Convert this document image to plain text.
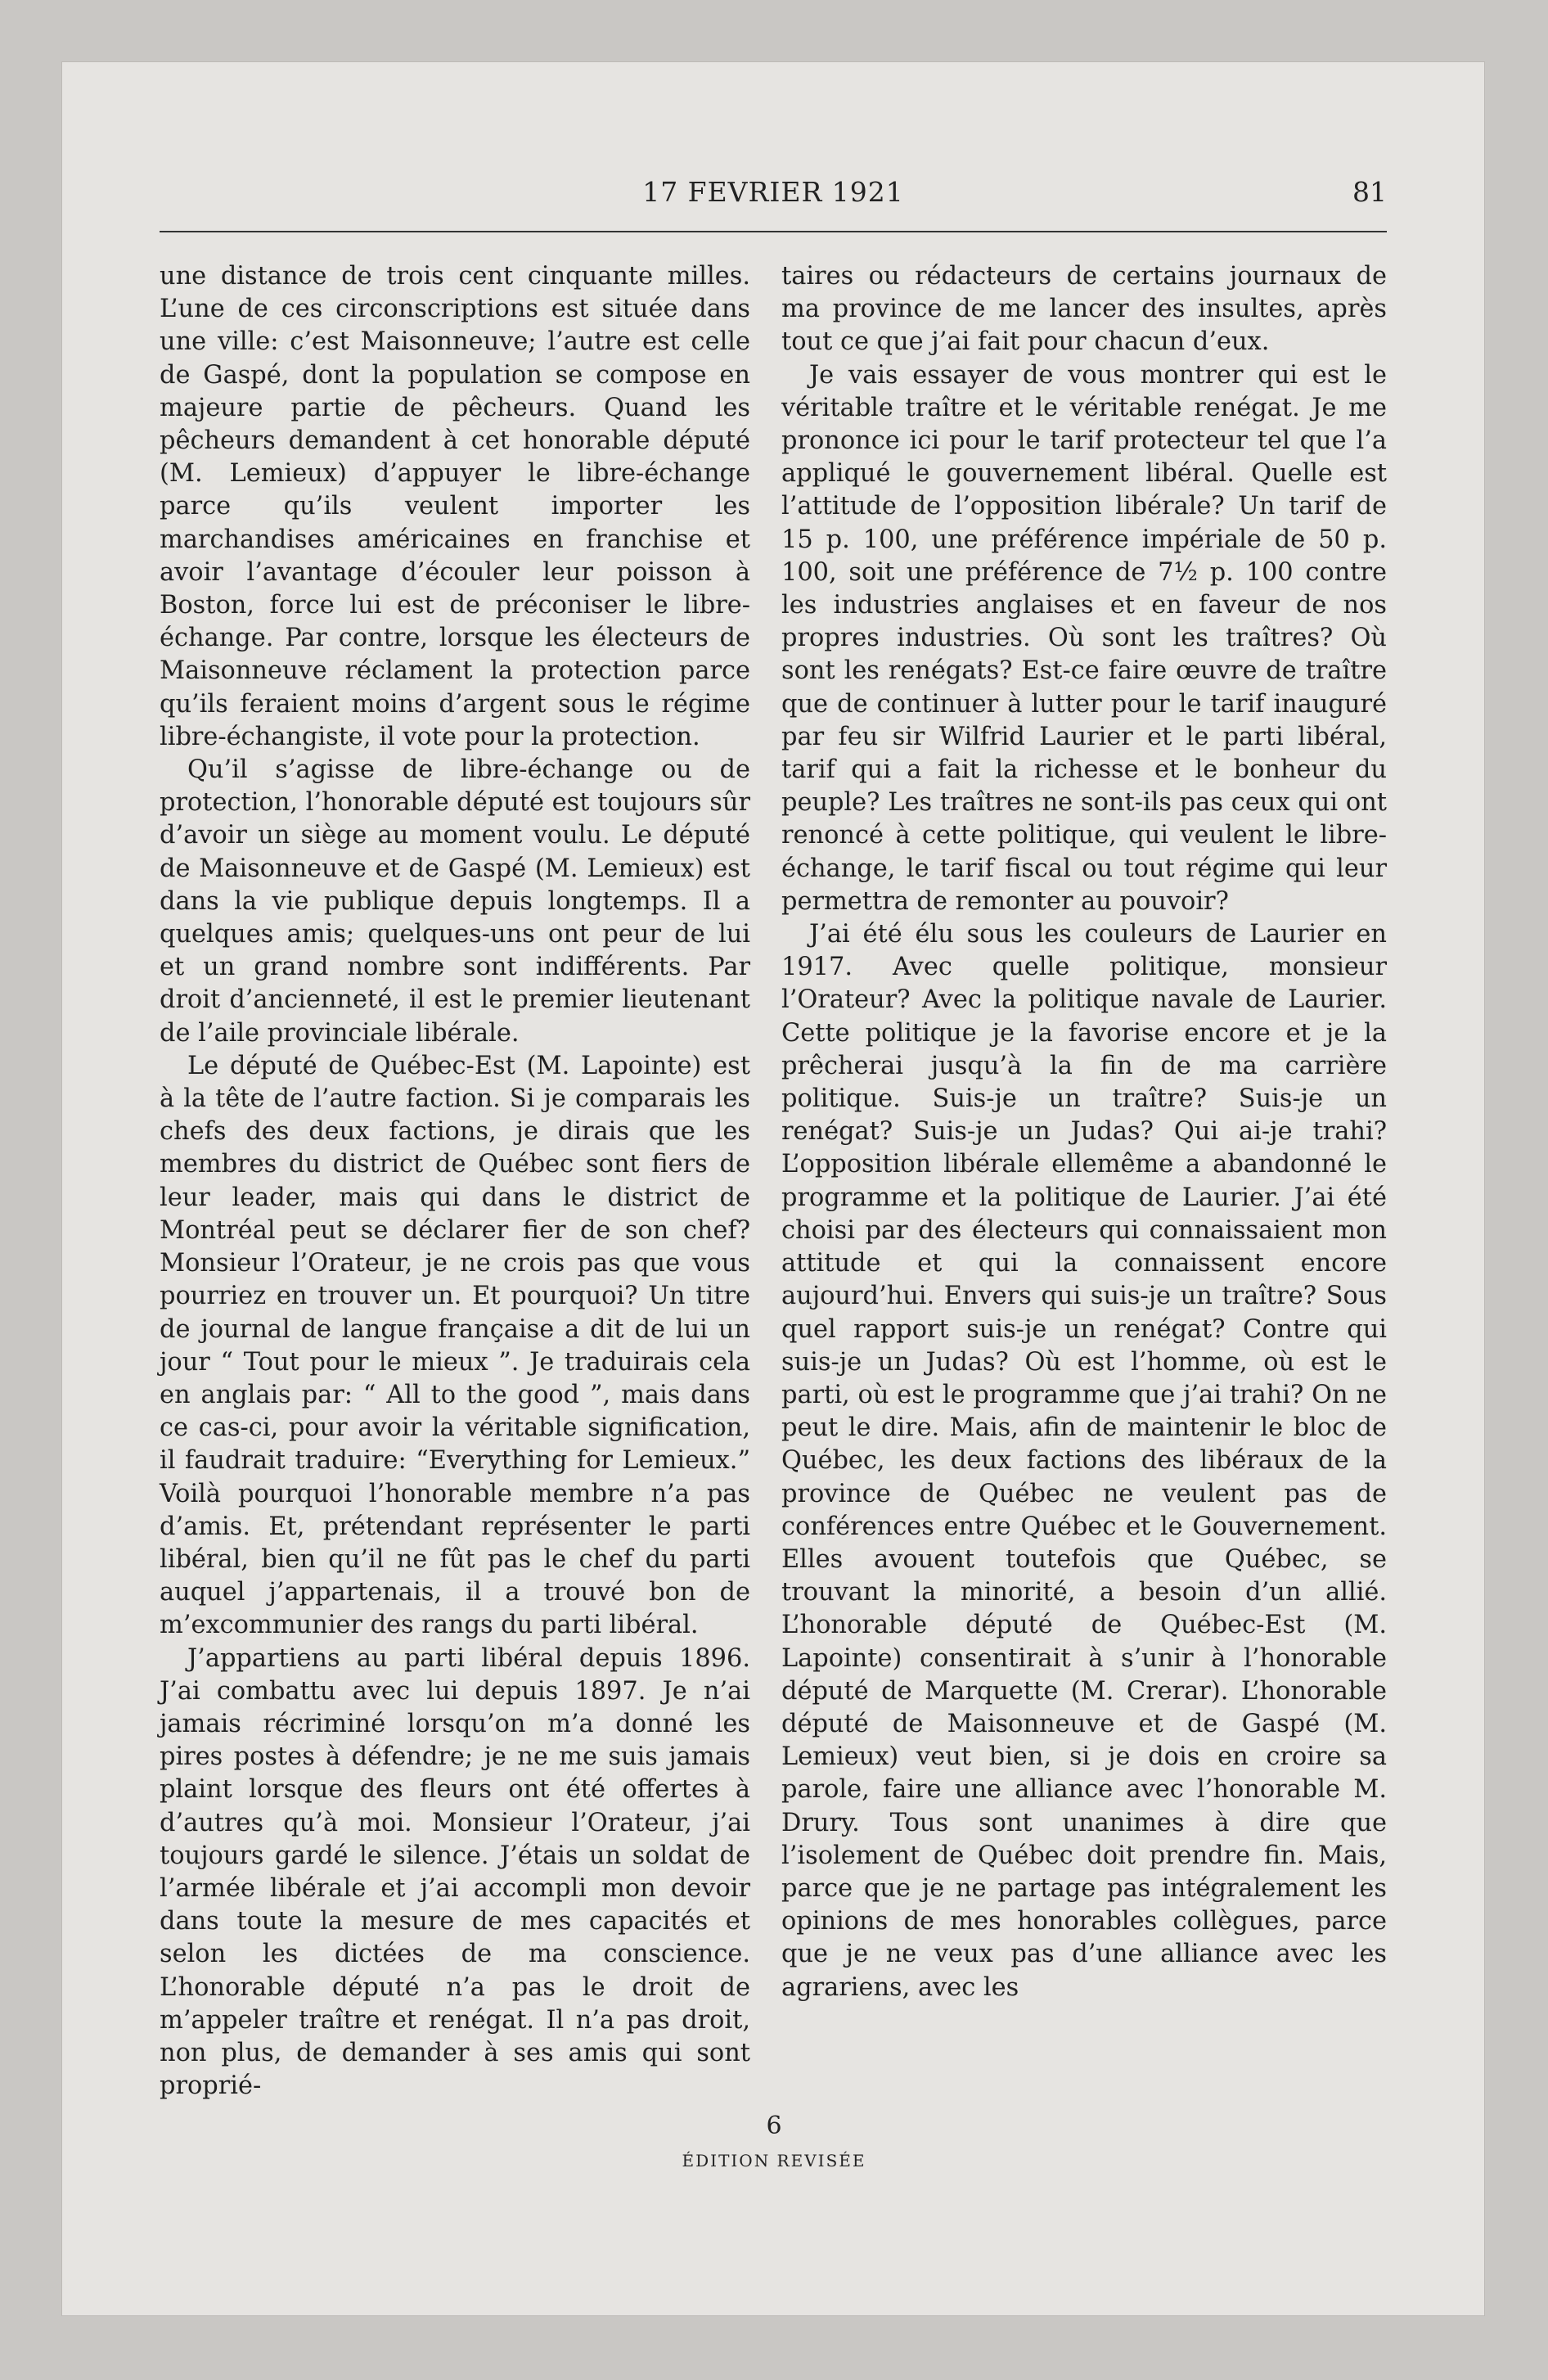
17 FEVRIER 1921	81

une distance de trois cent cinquante milles. L’une de ces circonscriptions est située dans une ville: c’est Maisonneuve; l’autre est celle de Gaspé, dont la population se compose en majeure partie de pêcheurs. Quand les pêcheurs demandent à cet honorable député (M. Lemieux) d’appuyer le libre-échange parce qu’ils veulent importer les marchandises américaines en franchise et avoir l’avantage d’écouler leur poisson à Boston, force lui est de préconiser le libre-échange. Par contre, lorsque les électeurs de Maisonneuve réclament la protection parce qu’ils feraient moins d’argent sous le régime libre-échangiste, il vote pour la protection.

Qu’il s’agisse de libre-échange ou de protection, l’honorable député est toujours sûr d’avoir un siège au moment voulu. Le député de Maisonneuve et de Gaspé (M. Lemieux) est dans la vie publique depuis longtemps. Il a quelques amis; quelques-uns ont peur de lui et un grand nombre sont indifférents. Par droit d’ancienneté, il est le premier lieutenant de l’aile provinciale libérale.

Le député de Québec-Est (M. Lapointe) est à la tête de l’autre faction. Si je comparais les chefs des deux factions, je dirais que les membres du district de Québec sont fiers de leur leader, mais qui dans le district de Montréal peut se déclarer fier de son chef? Monsieur l’Orateur, je ne crois pas que vous pourriez en trouver un. Et pourquoi? Un titre de journal de langue française a dit de lui un jour “ Tout pour le mieux ”. Je traduirais cela en anglais par: “ All to the good ”, mais dans ce cas-ci, pour avoir la véritable signification, il faudrait traduire: “Everything for Lemieux.” Voilà pourquoi l’honorable membre n’a pas d’amis. Et, prétendant représenter le parti libéral, bien qu’il ne fût pas le chef du parti auquel j’appartenais, il a trouvé bon de m’excommunier des rangs du parti libéral.

J’appartiens au parti libéral depuis 1896. J’ai combattu avec lui depuis 1897. Je n’ai jamais récriminé lorsqu’on m’a donné les pires postes à défendre; je ne me suis jamais plaint lorsque des fleurs ont été offertes à d’autres qu’à moi. Monsieur l’Orateur, j’ai toujours gardé le silence. J’étais un soldat de l’armée libérale et j’ai accompli mon devoir dans toute la mesure de mes capacités et selon les dictées de ma conscience. L’honorable député n’a pas le droit de m’appeler traître et renégat. Il n’a pas droit, non plus, de demander à ses amis qui sont proprié-

taires ou rédacteurs de certains journaux de ma province de me lancer des insultes, après tout ce que j’ai fait pour chacun d’eux.

Je vais essayer de vous montrer qui est le véritable traître et le véritable renégat. Je me prononce ici pour le tarif protecteur tel que l’a appliqué le gouvernement libéral. Quelle est l’attitude de l’opposition libérale? Un tarif de 15 p. 100, une préférence impériale de 50 p. 100, soit une préférence de 7½ p. 100 contre les industries anglaises et en faveur de nos propres industries. Où sont les traîtres? Où sont les renégats? Est-ce faire œuvre de traître que de continuer à lutter pour le tarif inauguré par feu sir Wilfrid Laurier et le parti libéral, tarif qui a fait la richesse et le bonheur du peuple? Les traîtres ne sont-ils pas ceux qui ont renoncé à cette politique, qui veulent le libre-échange, le tarif fiscal ou tout régime qui leur permettra de remonter au pouvoir?

J’ai été élu sous les couleurs de Laurier en 1917. Avec quelle politique, monsieur l’Orateur? Avec la politique navale de Laurier. Cette politique je la favorise encore et je la prêcherai jusqu’à la fin de ma carrière politique. Suis-je un traître? Suis-je un renégat? Suis-je un Judas? Qui ai-je trahi? L’opposition libérale ellemême a abandonné le programme et la politique de Laurier. J’ai été choisi par des électeurs qui connaissaient mon attitude et qui la connaissent encore aujourd’hui. Envers qui suis-je un traître? Sous quel rapport suis-je un renégat? Contre qui suis-je un Judas? Où est l’homme, où est le parti, où est le programme que j’ai trahi? On ne peut le dire. Mais, afin de maintenir le bloc de Québec, les deux factions des libéraux de la province de Québec ne veulent pas de conférences entre Québec et le Gouvernement. Elles avouent toutefois que Québec, se trouvant la minorité, a besoin d’un allié. L’honorable député de Québec-Est (M. Lapointe) consentirait à s’unir à l’honorable député de Marquette (M. Crerar). L’honorable député de Maisonneuve et de Gaspé (M. Lemieux) veut bien, si je dois en croire sa parole, faire une alliance avec l’honorable M. Drury. Tous sont unanimes à dire que l’isolement de Québec doit prendre fin. Mais, parce que je ne partage pas intégralement les opinions de mes honorables collègues, parce que je ne veux pas d’une alliance avec les agrariens, avec les

6
ÉDITION REVISÉE
